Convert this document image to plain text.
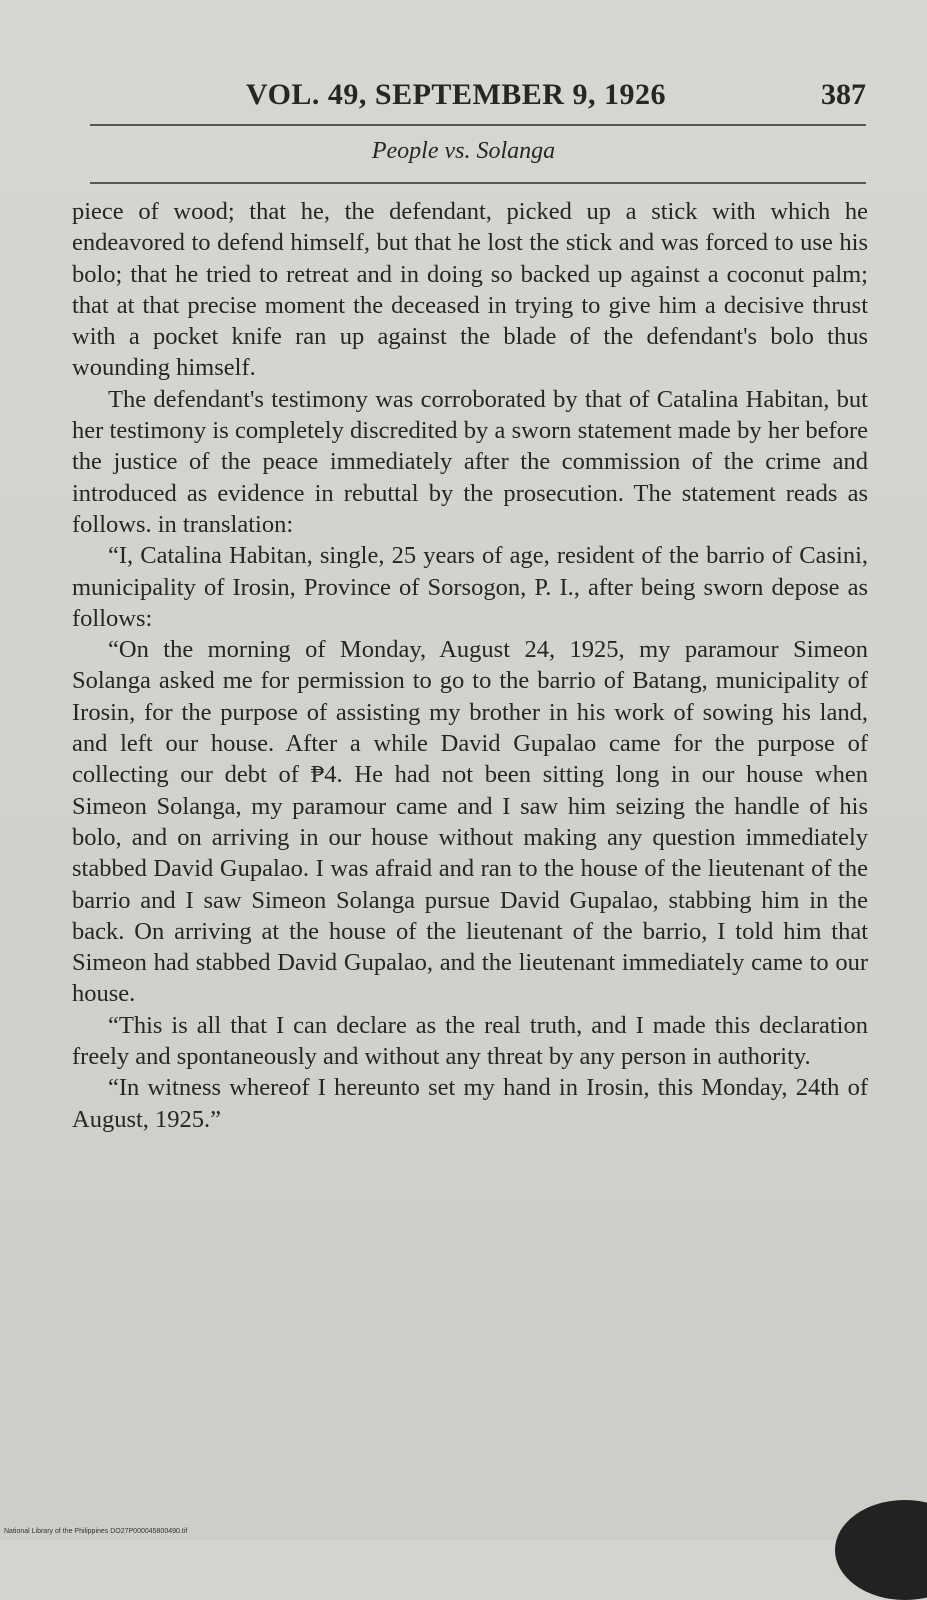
VOL. 49, SEPTEMBER 9, 1926	387
People vs. Solanga

piece of wood; that he, the defendant, picked up a stick with which he endeavored to defend himself, but that he lost the stick and was forced to use his bolo; that he tried to retreat and in doing so backed up against a coconut palm; that at that precise moment the deceased in trying to give him a decisive thrust with a pocket knife ran up against the blade of the defendant's bolo thus wounding himself.

The defendant's testimony was corroborated by that of Catalina Habitan, but her testimony is completely discredited by a sworn statement made by her before the justice of the peace immediately after the commission of the crime and introduced as evidence in rebuttal by the prosecution. The statement reads as follows. in translation:

“I, Catalina Habitan, single, 25 years of age, resident of the barrio of Casini, municipality of Irosin, Province of Sorsogon, P. I., after being sworn depose as follows:

“On the morning of Monday, August 24, 1925, my paramour Simeon Solanga asked me for permission to go to the barrio of Batang, municipality of Irosin, for the purpose of assisting my brother in his work of sowing his land, and left our house. After a while David Gupalao came for the purpose of collecting our debt of ₱4. He had not been sitting long in our house when Simeon Solanga, my paramour came and I saw him seizing the handle of his bolo, and on arriving in our house without making any question immediately stabbed David Gupalao. I was afraid and ran to the house of the lieutenant of the barrio and I saw Simeon Solanga pursue David Gupalao, stabbing him in the back. On arriving at the house of the lieutenant of the barrio, I told him that Simeon had stabbed David Gupalao, and the lieutenant immediately came to our house.

“This is all that I can declare as the real truth, and I made this declaration freely and spontaneously and without any threat by any person in authority.

“In witness whereof I hereunto set my hand in Irosin, this Monday, 24th of August, 1925.”

National Library of the Philippines DO27P000045800490.tif
